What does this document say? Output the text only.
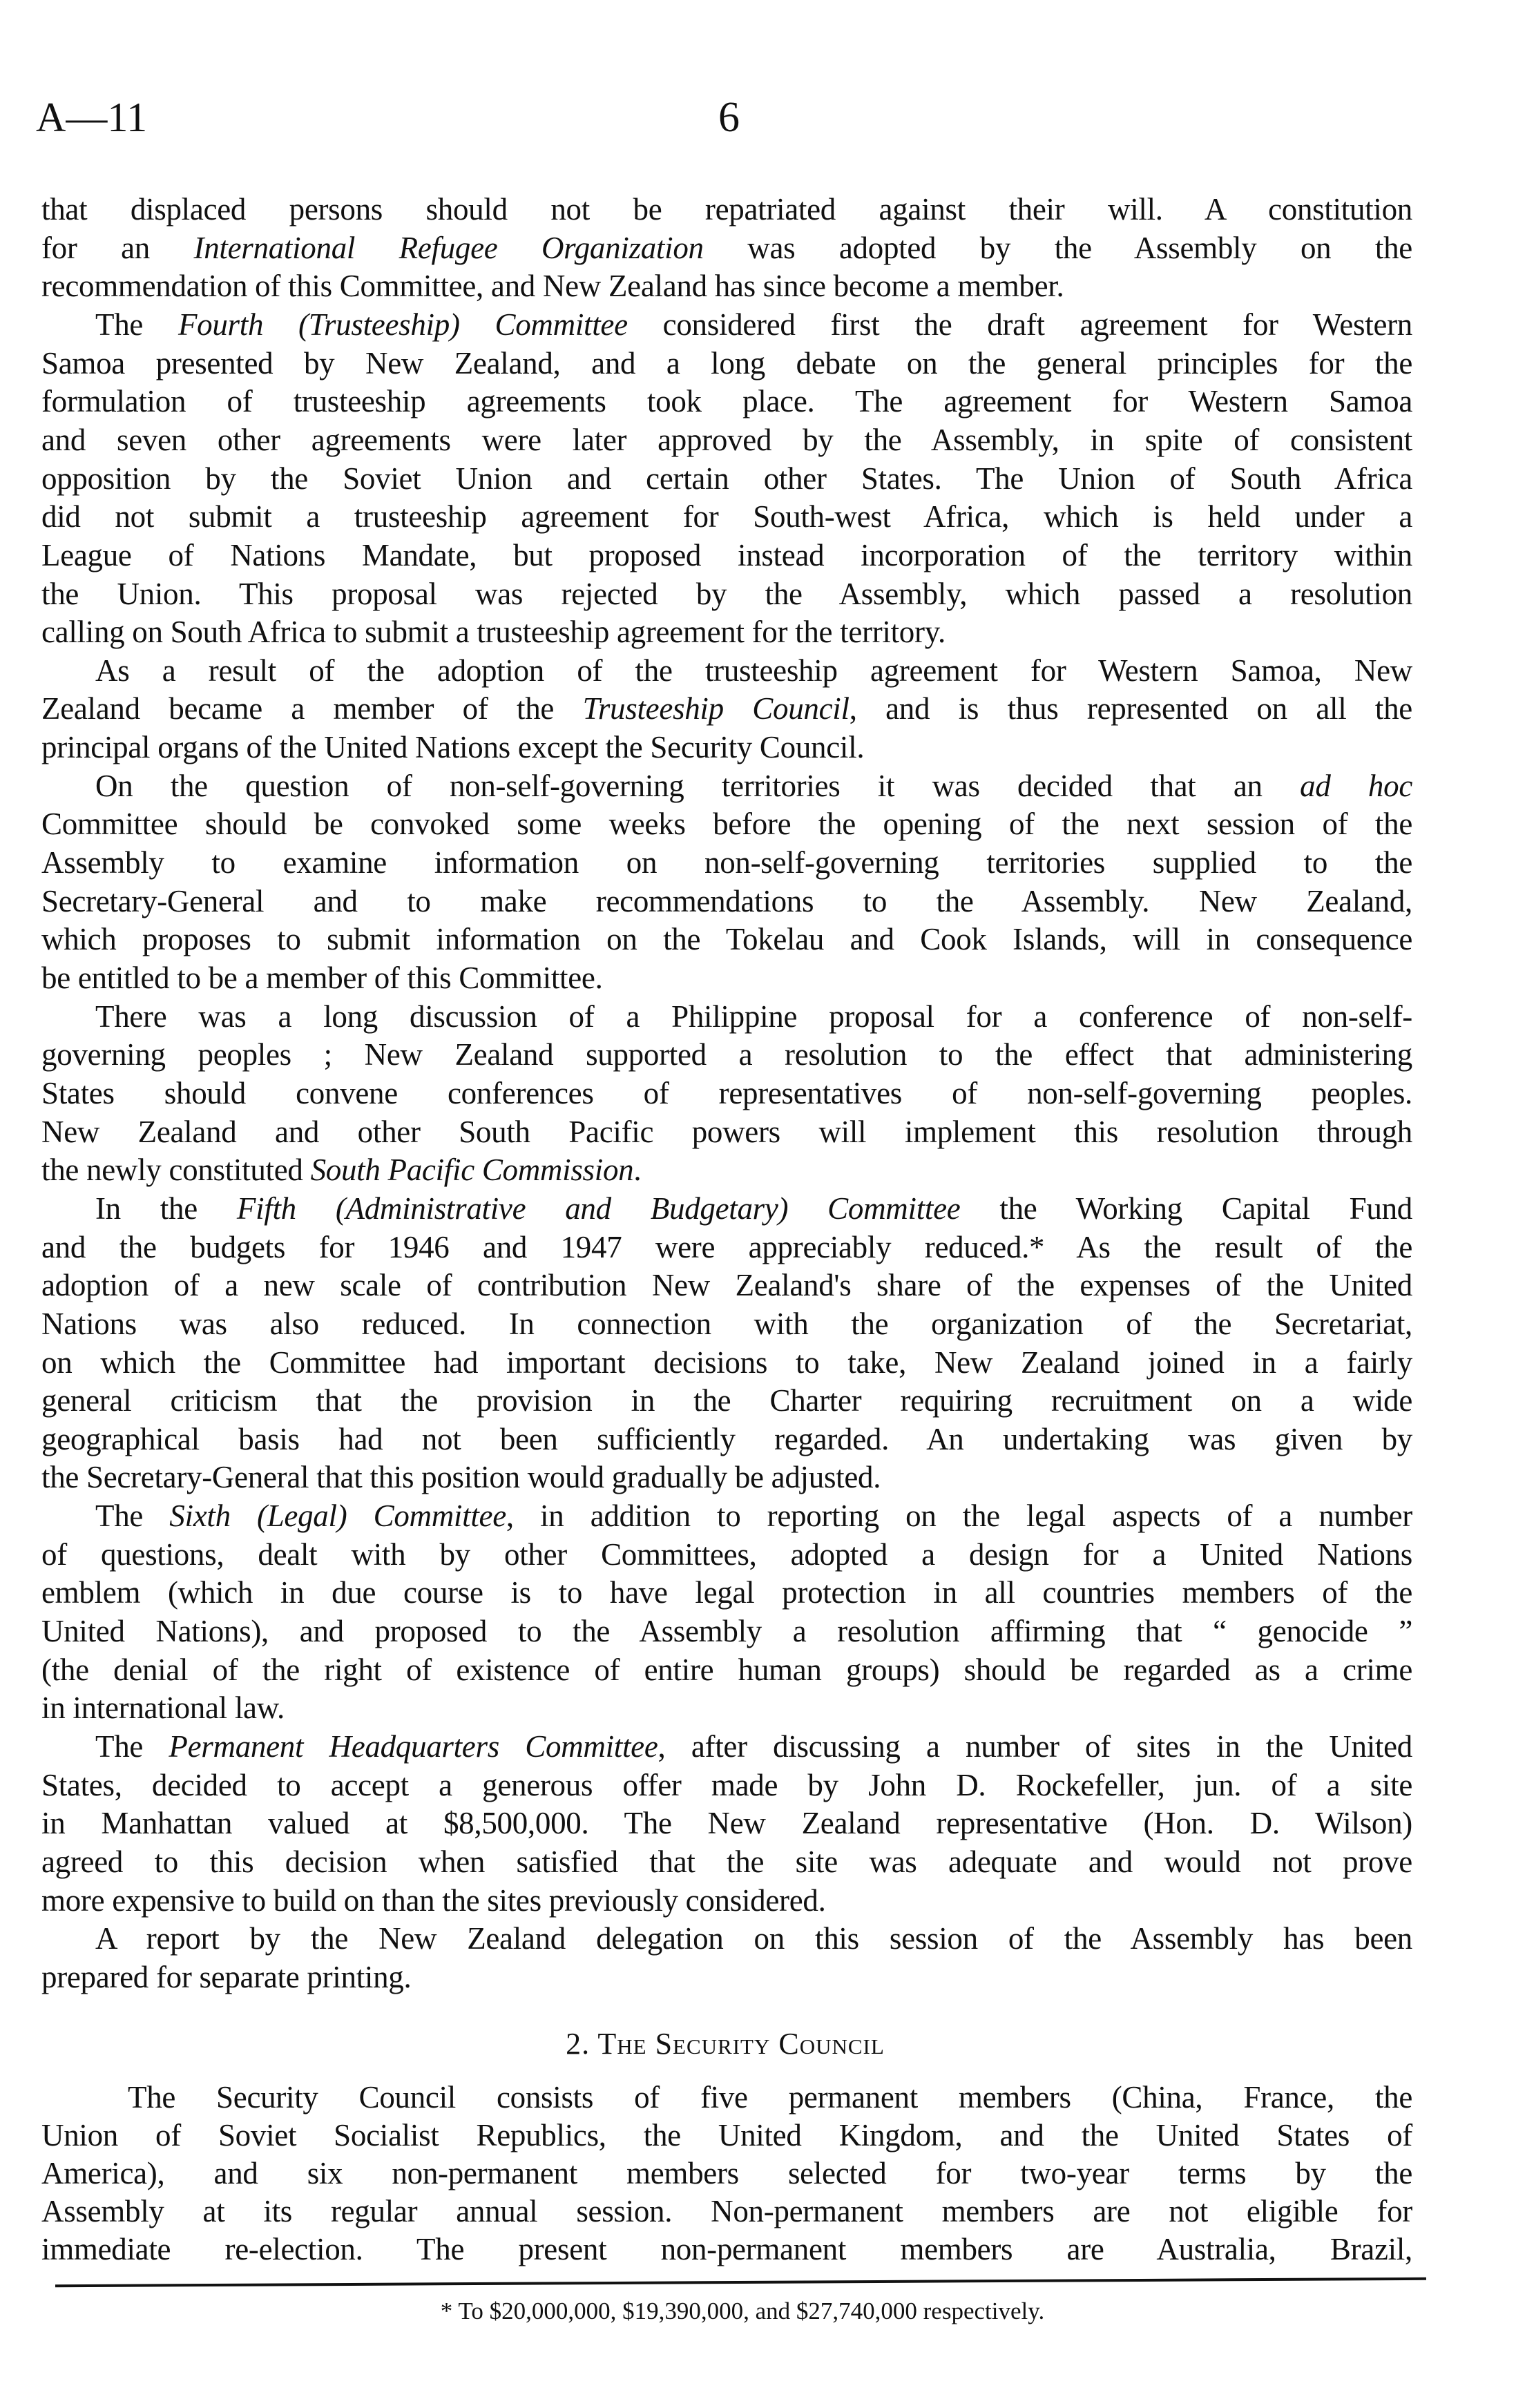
A—11	6
that displaced persons should not be repatriated against their will. A constitution
for an International Refugee Organization was adopted by the Assembly on the
recommendation of this Committee, and New Zealand has since become a member.
The Fourth (Trusteeship) Committee considered first the draft agreement for Western
Samoa presented by New Zealand, and a long debate on the general principles for the
formulation of trusteeship agreements took place. The agreement for Western Samoa
and seven other agreements were later approved by the Assembly, in spite of consistent
opposition by the Soviet Union and certain other States. The Union of South Africa
did not submit a trusteeship agreement for South-west Africa, which is held under a
League of Nations Mandate, but proposed instead incorporation of the territory within
the Union. This proposal was rejected by the Assembly, which passed a resolution
calling on South Africa to submit a trusteeship agreement for the territory.
As a result of the adoption of the trusteeship agreement for Western Samoa, New
Zealand became a member of the Trusteeship Council, and is thus represented on all the
principal organs of the United Nations except the Security Council.
On the question of non-self-governing territories it was decided that an ad hoc
Committee should be convoked some weeks before the opening of the next session of the
Assembly to examine information on non-self-governing territories supplied to the
Secretary-General and to make recommendations to the Assembly. New Zealand,
which proposes to submit information on the Tokelau and Cook Islands, will in consequence
be entitled to be a member of this Committee.
There was a long discussion of a Philippine proposal for a conference of non-self-
governing peoples ; New Zealand supported a resolution to the effect that administering
States should convene conferences of representatives of non-self-governing peoples.
New Zealand and other South Pacific powers will implement this resolution through
the newly constituted South Pacific Commission.
In the Fifth (Administrative and Budgetary) Committee the Working Capital Fund
and the budgets for 1946 and 1947 were appreciably reduced.* As the result of the
adoption of a new scale of contribution New Zealand's share of the expenses of the United
Nations was also reduced. In connection with the organization of the Secretariat,
on which the Committee had important decisions to take, New Zealand joined in a fairly
general criticism that the provision in the Charter requiring recruitment on a wide
geographical basis had not been sufficiently regarded. An undertaking was given by
the Secretary-General that this position would gradually be adjusted.
The Sixth (Legal) Committee, in addition to reporting on the legal aspects of a number
of questions, dealt with by other Committees, adopted a design for a United Nations
emblem (which in due course is to have legal protection in all countries members of the
United Nations), and proposed to the Assembly a resolution affirming that “ genocide ”
(the denial of the right of existence of entire human groups) should be regarded as a crime
in international law.
The Permanent Headquarters Committee, after discussing a number of sites in the United
States, decided to accept a generous offer made by John D. Rockefeller, jun. of a site
in Manhattan valued at $8,500,000. The New Zealand representative (Hon. D. Wilson)
agreed to this decision when satisfied that the site was adequate and would not prove
more expensive to build on than the sites previously considered.
A report by the New Zealand delegation on this session of the Assembly has been
prepared for separate printing.
The Security Council consists of five permanent members (China, France, the
Union of Soviet Socialist Republics, the United Kingdom, and the United States of
America), and six non-permanent members selected for two-year terms by the
Assembly at its regular annual session. Non-permanent members are not eligible for
immediate re-election. The present non-permanent members are Australia, Brazil,
2. The Security Council
* To $20,000,000, $19,390,000, and $27,740,000 respectively.
